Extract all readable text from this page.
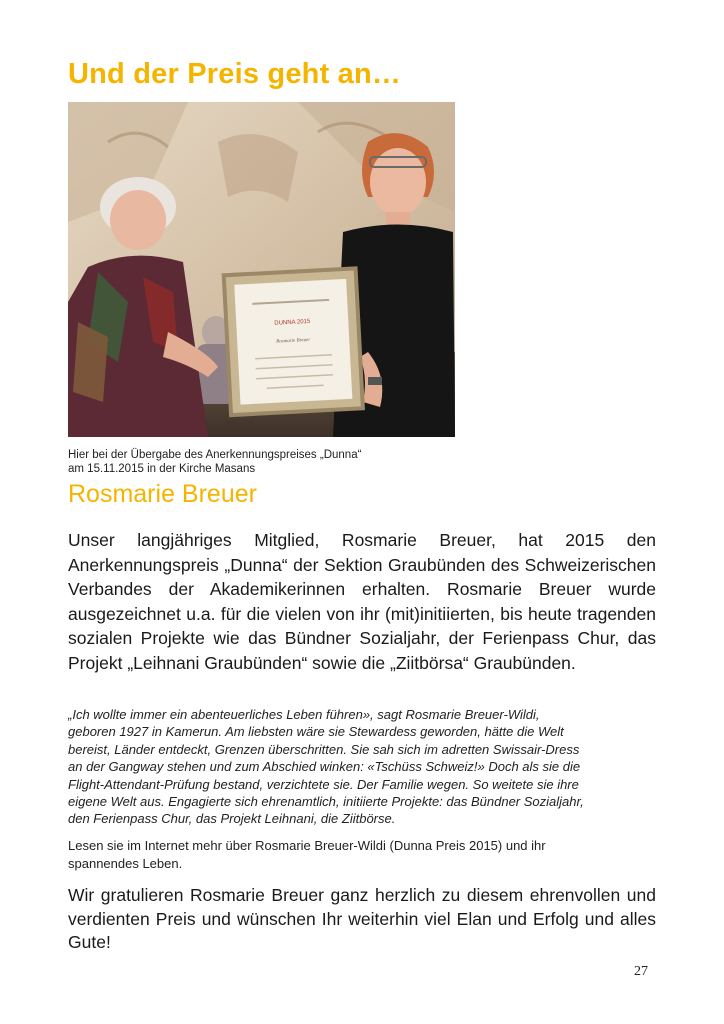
Und der Preis geht an…
DUNNA 2015
Rosmarie Breuer
Hier bei der Übergabe des Anerkennungspreises „Dunna“
am 15.11.2015 in der Kirche Masans
Rosmarie Breuer

Unser langjähriges Mitglied, Rosmarie Breuer, hat 2015 den Anerkennungspreis „Dunna“ der Sektion Graubünden des Schweizerischen Verbandes der Akademikerinnen erhalten. Rosmarie Breuer wurde ausgezeichnet u.a. für die vielen von ihr (mit)initiierten, bis heute tragenden sozialen Projekte wie das Bündner Sozialjahr, der Ferienpass Chur, das Projekt „Leihnani Graubünden“ sowie die „Ziitbörsa“ Graubünden.

„Ich wollte immer ein abenteuerliches Leben führen», sagt Rosmarie Breuer-Wildi,
geboren 1927 in Kamerun. Am liebsten wäre sie Stewardess geworden, hätte die Welt
bereist, Länder entdeckt, Grenzen überschritten. Sie sah sich im adretten Swissair-Dress
an der Gangway stehen und zum Abschied winken: «Tschüss Schweiz!» Doch als sie die
Flight-Attendant-Prüfung bestand, verzichtete sie. Der Familie wegen. So weitete sie ihre
eigene Welt aus. Engagierte sich ehrenamtlich, initiierte Projekte: das Bündner Sozialjahr,
den Ferienpass Chur, das Projekt Leihnani, die Ziitbörse.
Lesen sie im Internet mehr über Rosmarie Breuer-Wildi (Dunna Preis 2015) und ihr
spannendes Leben.

Wir gratulieren Rosmarie Breuer ganz herzlich zu diesem ehrenvollen und verdienten Preis und wünschen Ihr weiterhin viel Elan und Erfolg und alles Gute!

27
